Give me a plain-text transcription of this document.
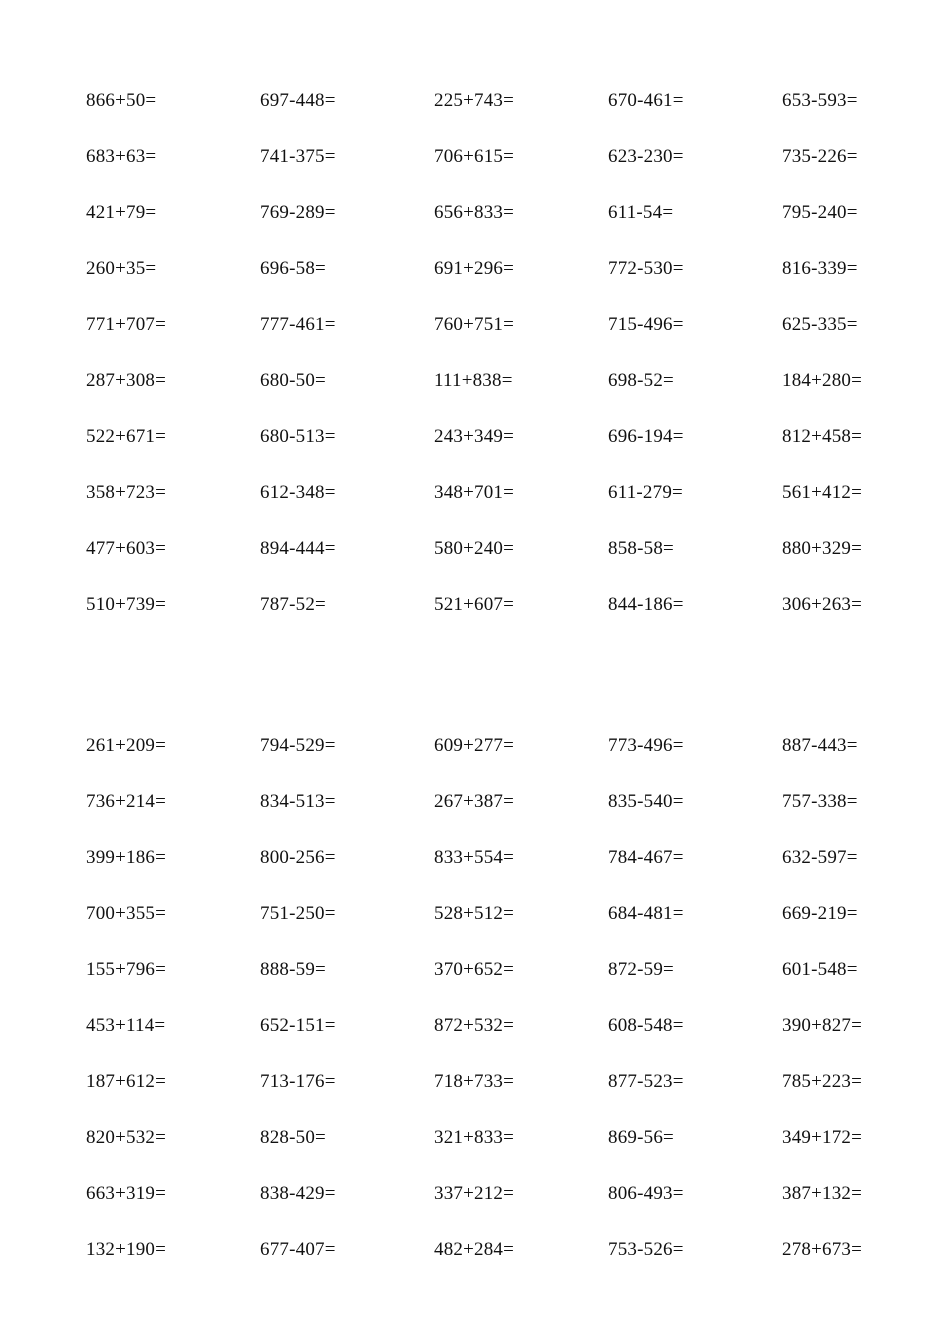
866+50=	697-448=	225+743=	670-461=	653-593=
683+63=	741-375=	706+615=	623-230=	735-226=
421+79=	769-289=	656+833=	611-54=	795-240=
260+35=	696-58=	691+296=	772-530=	816-339=
771+707=	777-461=	760+751=	715-496=	625-335=
287+308=	680-50=	111+838=	698-52=	184+280=
522+671=	680-513=	243+349=	696-194=	812+458=
358+723=	612-348=	348+701=	611-279=	561+412=
477+603=	894-444=	580+240=	858-58=	880+329=
510+739=	787-52=	521+607=	844-186=	306+263=
261+209=	794-529=	609+277=	773-496=	887-443=
736+214=	834-513=	267+387=	835-540=	757-338=
399+186=	800-256=	833+554=	784-467=	632-597=
700+355=	751-250=	528+512=	684-481=	669-219=
155+796=	888-59=	370+652=	872-59=	601-548=
453+114=	652-151=	872+532=	608-548=	390+827=
187+612=	713-176=	718+733=	877-523=	785+223=
820+532=	828-50=	321+833=	869-56=	349+172=
663+319=	838-429=	337+212=	806-493=	387+132=
132+190=	677-407=	482+284=	753-526=	278+673=
